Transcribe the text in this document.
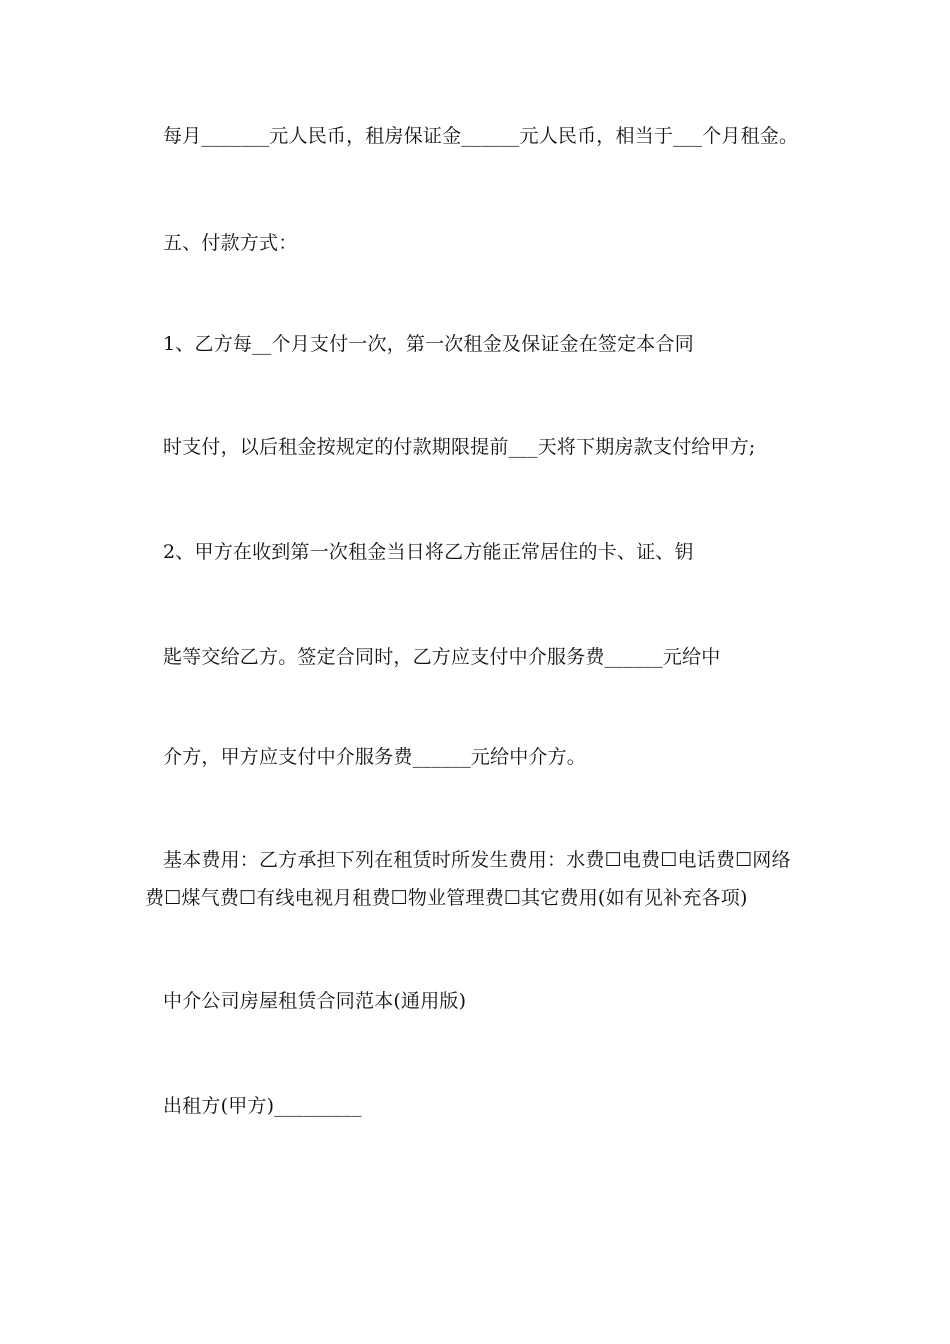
每月_______元人民币，租房保证金______元人民币，相当于___个月租金。

五、付款方式：

1、乙方每__个月支付一次，第一次租金及保证金在签定本合同

时支付，以后租金按规定的付款期限提前___天将下期房款支付给甲方;

2、甲方在收到第一次租金当日将乙方能正常居住的卡、证、钥

匙等交给乙方。签定合同时，乙方应支付中介服务费______元给中

介方，甲方应支付中介服务费______元给中介方。

基本费用：乙方承担下列在租赁时所发生费用：水费☐电费☐电话费☐网络

费☐煤气费☐有线电视月租费☐物业管理费☐其它费用(如有见补充各项)

中介公司房屋租赁合同范本(通用版)

出租方(甲方)_________
